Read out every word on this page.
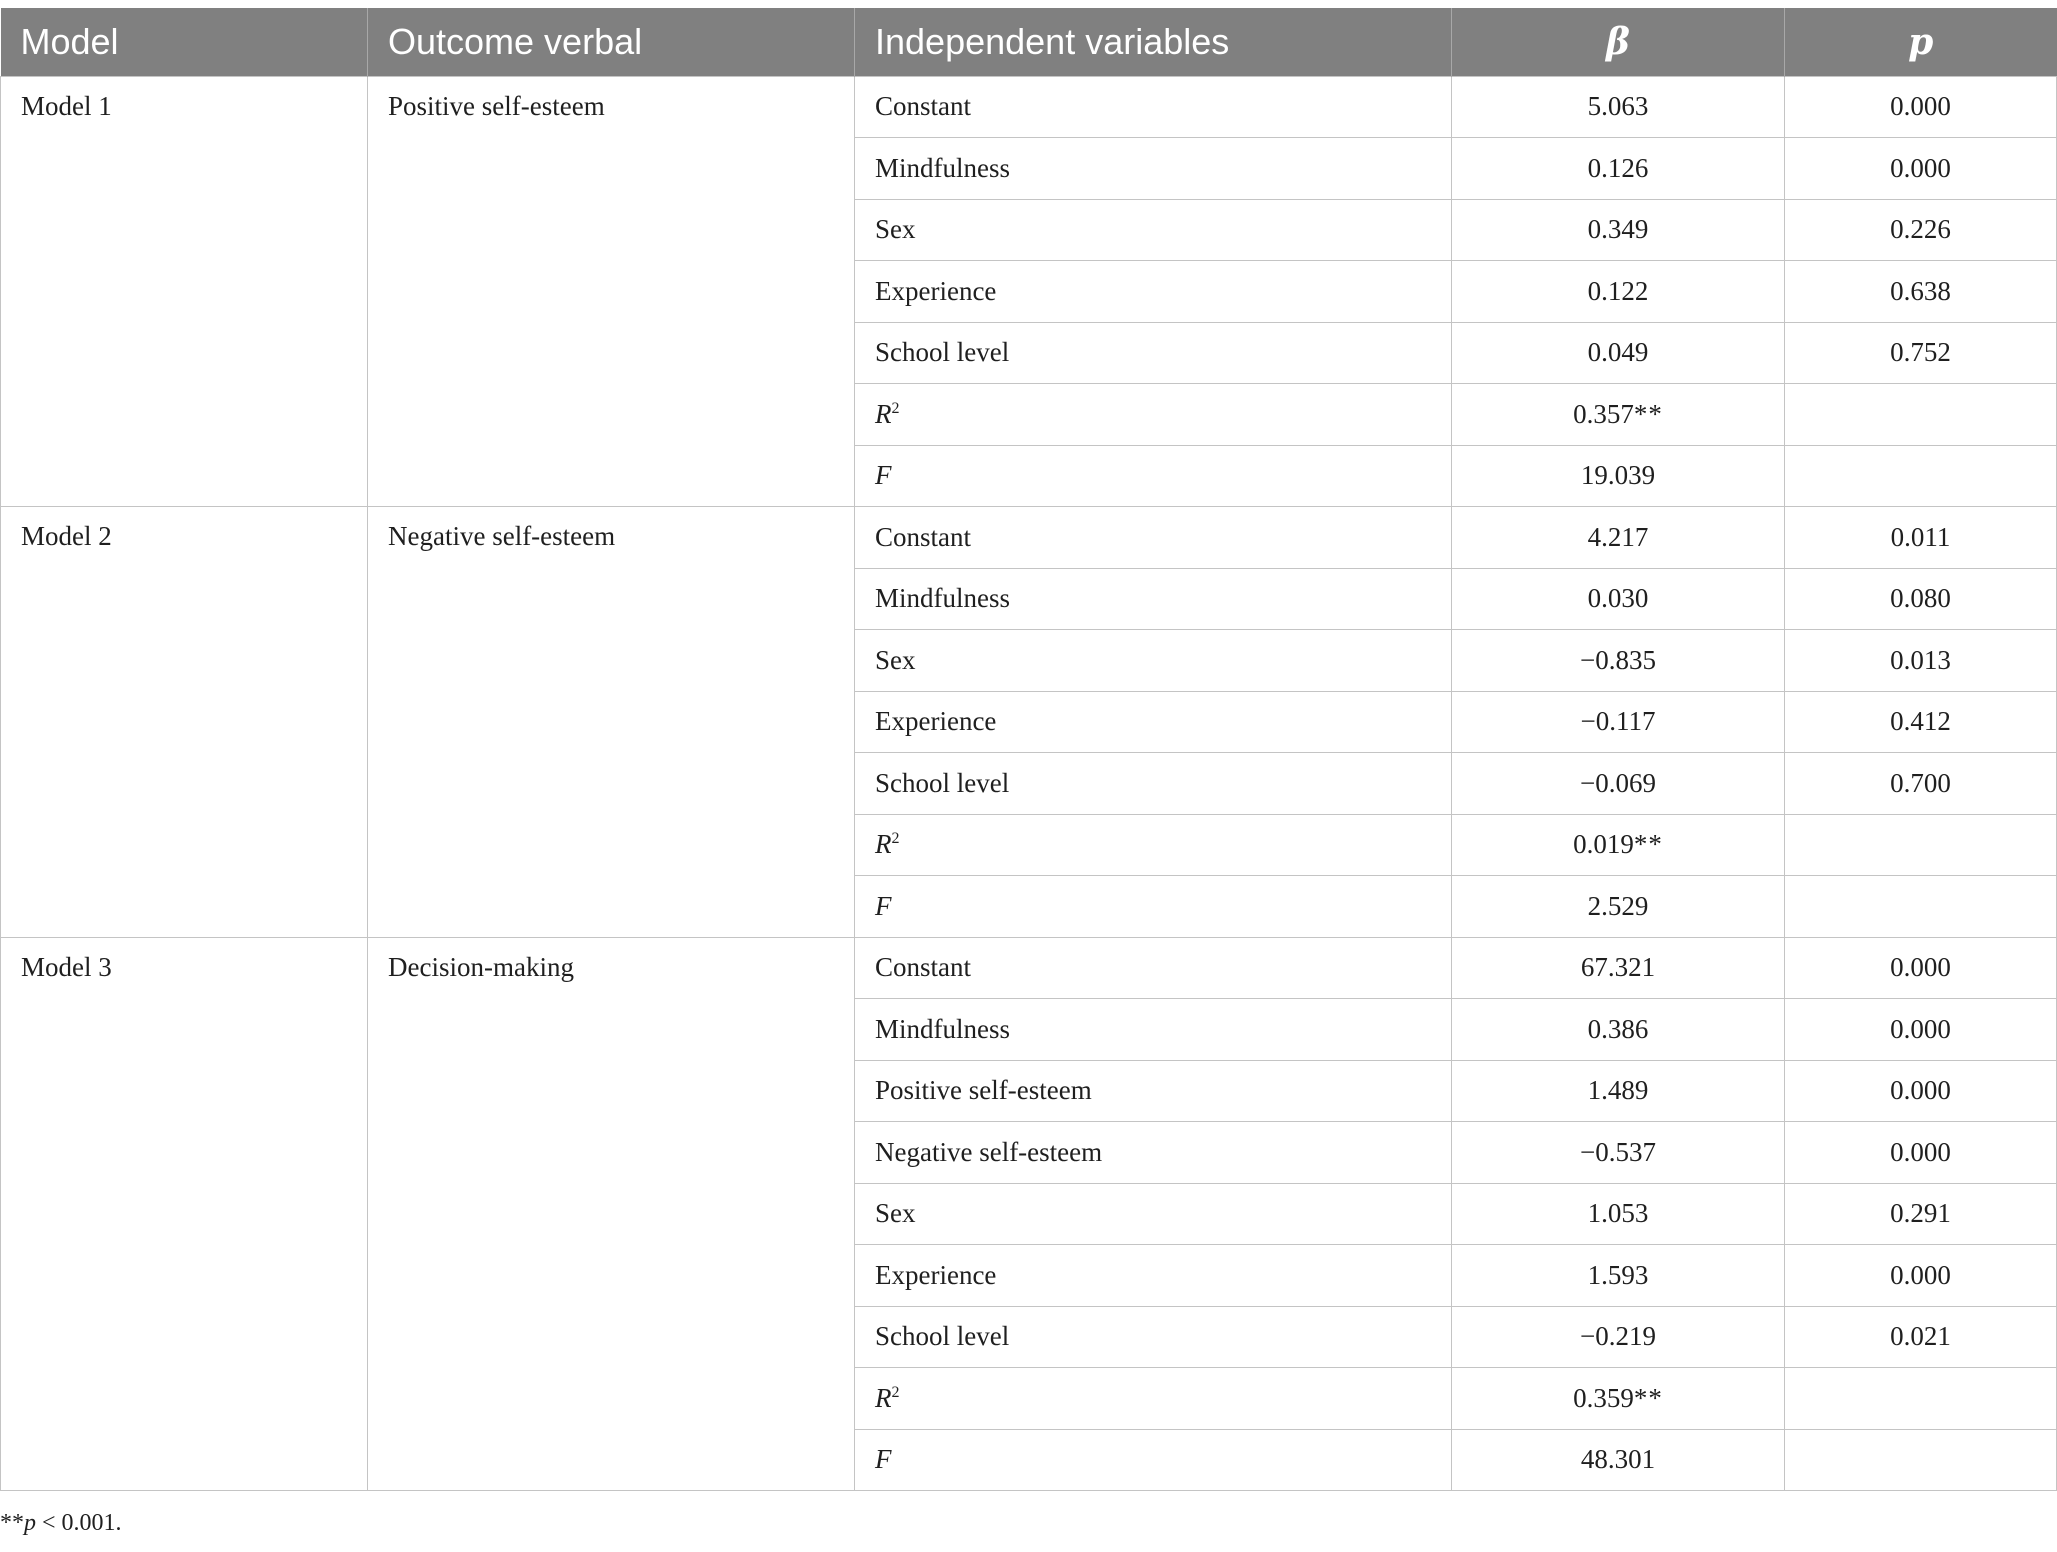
Model	Outcome verbal	Independent variables	β	p
Model 1	Positive self-esteem	Constant	5.063	0.000
		Mindfulness	0.126	0.000
		Sex	0.349	0.226
		Experience	0.122	0.638
		School level	0.049	0.752
		$R^2$	0.357**	
		F	19.039	
Model 2	Negative self-esteem	Constant	4.217	0.011
		Mindfulness	0.030	0.080
		Sex	−0.835	0.013
		Experience	−0.117	0.412
		School level	−0.069	0.700
		$R^2$	0.019**	
		F	2.529	
Model 3	Decision-making	Constant	67.321	0.000
		Mindfulness	0.386	0.000
		Positive self-esteem	1.489	0.000
		Negative self-esteem	−0.537	0.000
		Sex	1.053	0.291
		Experience	1.593	0.000
		School level	−0.219	0.021
		$R^2$	0.359**	
		F	48.301	
**p < 0.001.
